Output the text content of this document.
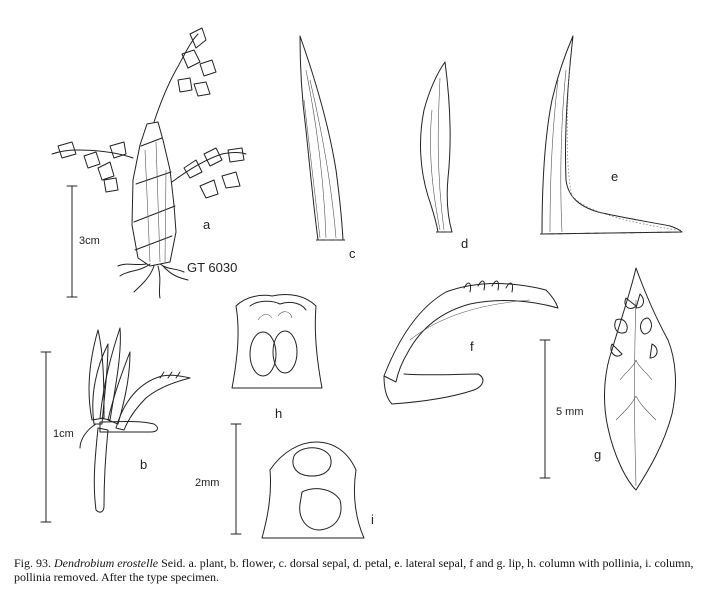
a
GT 6030
3cm
c
d
e
b
1cm
h
i
2mm
f
5 mm
g
Fig. 93. Dendrobium erostelle Seid. a. plant, b. flower, c. dorsal sepal, d. petal, e. lateral sepal, f and g. lip, h. column with pollinia, i. column, pollinia removed. After the type specimen.
